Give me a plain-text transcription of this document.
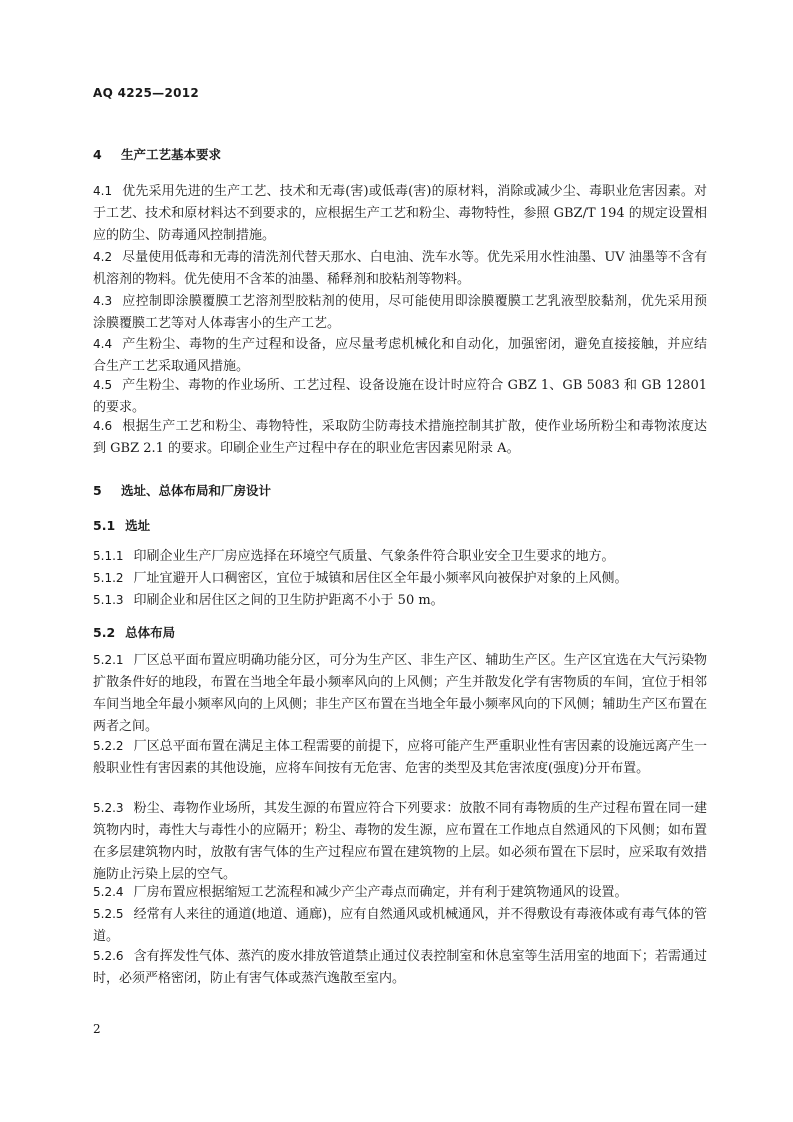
AQ 4225—2012
4 生产工艺基本要求
4.1 优先采用先进的生产工艺、技术和无毒(害)或低毒(害)的原材料，消除或减少尘、毒职业危害因素。对于工艺、技术和原材料达不到要求的，应根据生产工艺和粉尘、毒物特性，参照 GBZ/T 194 的规定设置相应的防尘、防毒通风控制措施。
4.2 尽量使用低毒和无毒的清洗剂代替天那水、白电油、洗车水等。优先采用水性油墨、UV 油墨等不含有机溶剂的物料。优先使用不含苯的油墨、稀释剂和胶粘剂等物料。
4.3 应控制即涂膜覆膜工艺溶剂型胶粘剂的使用，尽可能使用即涂膜覆膜工艺乳液型胶黏剂，优先采用预涂膜覆膜工艺等对人体毒害小的生产工艺。
4.4 产生粉尘、毒物的生产过程和设备，应尽量考虑机械化和自动化，加强密闭，避免直接接触，并应结合生产工艺采取通风措施。
4.5 产生粉尘、毒物的作业场所、工艺过程、设备设施在设计时应符合 GBZ 1、GB 5083 和 GB 12801 的要求。
4.6 根据生产工艺和粉尘、毒物特性，采取防尘防毒技术措施控制其扩散，使作业场所粉尘和毒物浓度达到 GBZ 2.1 的要求。印刷企业生产过程中存在的职业危害因素见附录 A。
5 选址、总体布局和厂房设计
5.1 选址
5.1.1 印刷企业生产厂房应选择在环境空气质量、气象条件符合职业安全卫生要求的地方。
5.1.2 厂址宜避开人口稠密区，宜位于城镇和居住区全年最小频率风向被保护对象的上风侧。
5.1.3 印刷企业和居住区之间的卫生防护距离不小于 50 m。
5.2 总体布局
5.2.1 厂区总平面布置应明确功能分区，可分为生产区、非生产区、辅助生产区。生产区宜选在大气污染物扩散条件好的地段，布置在当地全年最小频率风向的上风侧；产生并散发化学有害物质的车间，宜位于相邻车间当地全年最小频率风向的上风侧；非生产区布置在当地全年最小频率风向的下风侧；辅助生产区布置在两者之间。
5.2.2 厂区总平面布置在满足主体工程需要的前提下，应将可能产生严重职业性有害因素的设施远离产生一般职业性有害因素的其他设施，应将车间按有无危害、危害的类型及其危害浓度(强度)分开布置。
5.2.3 粉尘、毒物作业场所，其发生源的布置应符合下列要求：放散不同有毒物质的生产过程布置在同一建筑物内时，毒性大与毒性小的应隔开；粉尘、毒物的发生源，应布置在工作地点自然通风的下风侧；如布置在多层建筑物内时，放散有害气体的生产过程应布置在建筑物的上层。如必须布置在下层时，应采取有效措施防止污染上层的空气。
5.2.4 厂房布置应根据缩短工艺流程和减少产尘产毒点而确定，并有利于建筑物通风的设置。
5.2.5 经常有人来往的通道(地道、通廊)，应有自然通风或机械通风，并不得敷设有毒液体或有毒气体的管道。
5.2.6 含有挥发性气体、蒸汽的废水排放管道禁止通过仪表控制室和休息室等生活用室的地面下；若需通过时，必须严格密闭，防止有害气体或蒸汽逸散至室内。
2
